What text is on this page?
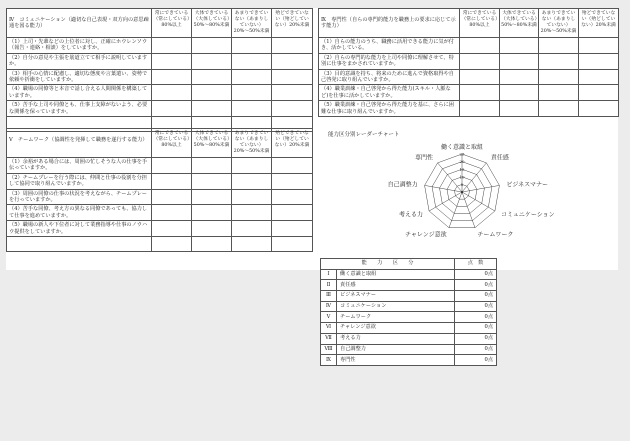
Ⅳ　コミュニケーション（適切な自己表現・双方向の意思疎通を図る能力）	常にできている（常にしている）80%以上	大体できている（大体している）50%〜80%未満	あまりできていない（あまりしていない）20%〜50%未満	殆どできていない（殆どしていない）20%未満
（1）上司・先輩などの上位者に対し、正確にホウレンソウ（報告・連絡・相談）をしていますか。				
（2）自分の意見や主張を筋道立てて相手に説明していますか。				
（3）相手の心情に配慮し、適切な態度や言葉遣い、姿勢で依頼や折衝をしていますか。				
（4）職場の同僚等と本音で話し合える人間関係を構築していますか。				
（5）苦手な上司や同僚とも、仕事上支障がないよう、必要な関係を保っていますか。				

Ⅴ　チームワーク（協調性を発揮して職務を遂行する能力）	常にできている（常にしている）80%以上	大体できている（大体している）50%〜80%未満	あまりできていない（あまりしていない）20%〜50%未満	殆どできていない（殆どしていない）20%未満
（1）余裕がある場合には、周囲の忙しそうな人の仕事を手伝っていますか。				
（2）チームプレーを行う際には、仲間と仕事の役割を分担して協同で取り組んでいますか。				
（3）周囲の同僚の仕事の状況を考えながら、チームプレーを行っていますか。				
（4）苦手な同僚、考え方の異なる同僚であっても、協力して仕事を進めていますか。				
（5）職場の新人や下位者に対して業務指導や仕事のノウハウ提供をしていますか。				

Ⅸ　専門性（自らの専門的能力を職務上の要求に応じて示す能力）	常にできている（常にしている）80%以上	大体できている（大体している）50%〜80%未満	あまりできていない（あまりしていない）20%〜50%未満	殆どできていない（殆どしていない）20%未満
（1）自らの能力のうち、職務に活用できる能力に気が付き、活かしている。				
（2）自らの専門的な能力を上司や同僚に理解させて、特別に仕事をまかされていますか。				
（3）目的意識を持ち、将来のために進んで資格取得や自己啓発に取り組んでいますか。				
（4）職業訓練・自己啓発から得た能力(スキル・人脈など)を仕事に活かしていますか。				
（5）職業訓練・自己啓発から得た能力を基に、さらに困難な仕事に取り組んでいますか。				
能力区分別レーダーチャート
25
20
15
10
5
働く意識と取組
責任感
ビジネスマナー
コミュニケーション
チームワーク
チャレンジ意欲
考える力
自己調整力
専門性
能　　力　　区　　分		点　数
Ⅰ	働く意識と取組	0点
Ⅱ	責任感	0点
Ⅲ	ビジネスマナー	0点
Ⅳ	コミュニケーション	0点
Ⅴ	チームワーク	0点
Ⅵ	チャレンジ意欲	0点
Ⅶ	考える力	0点
Ⅷ	自己調整力	0点
Ⅸ	専門性	0点
